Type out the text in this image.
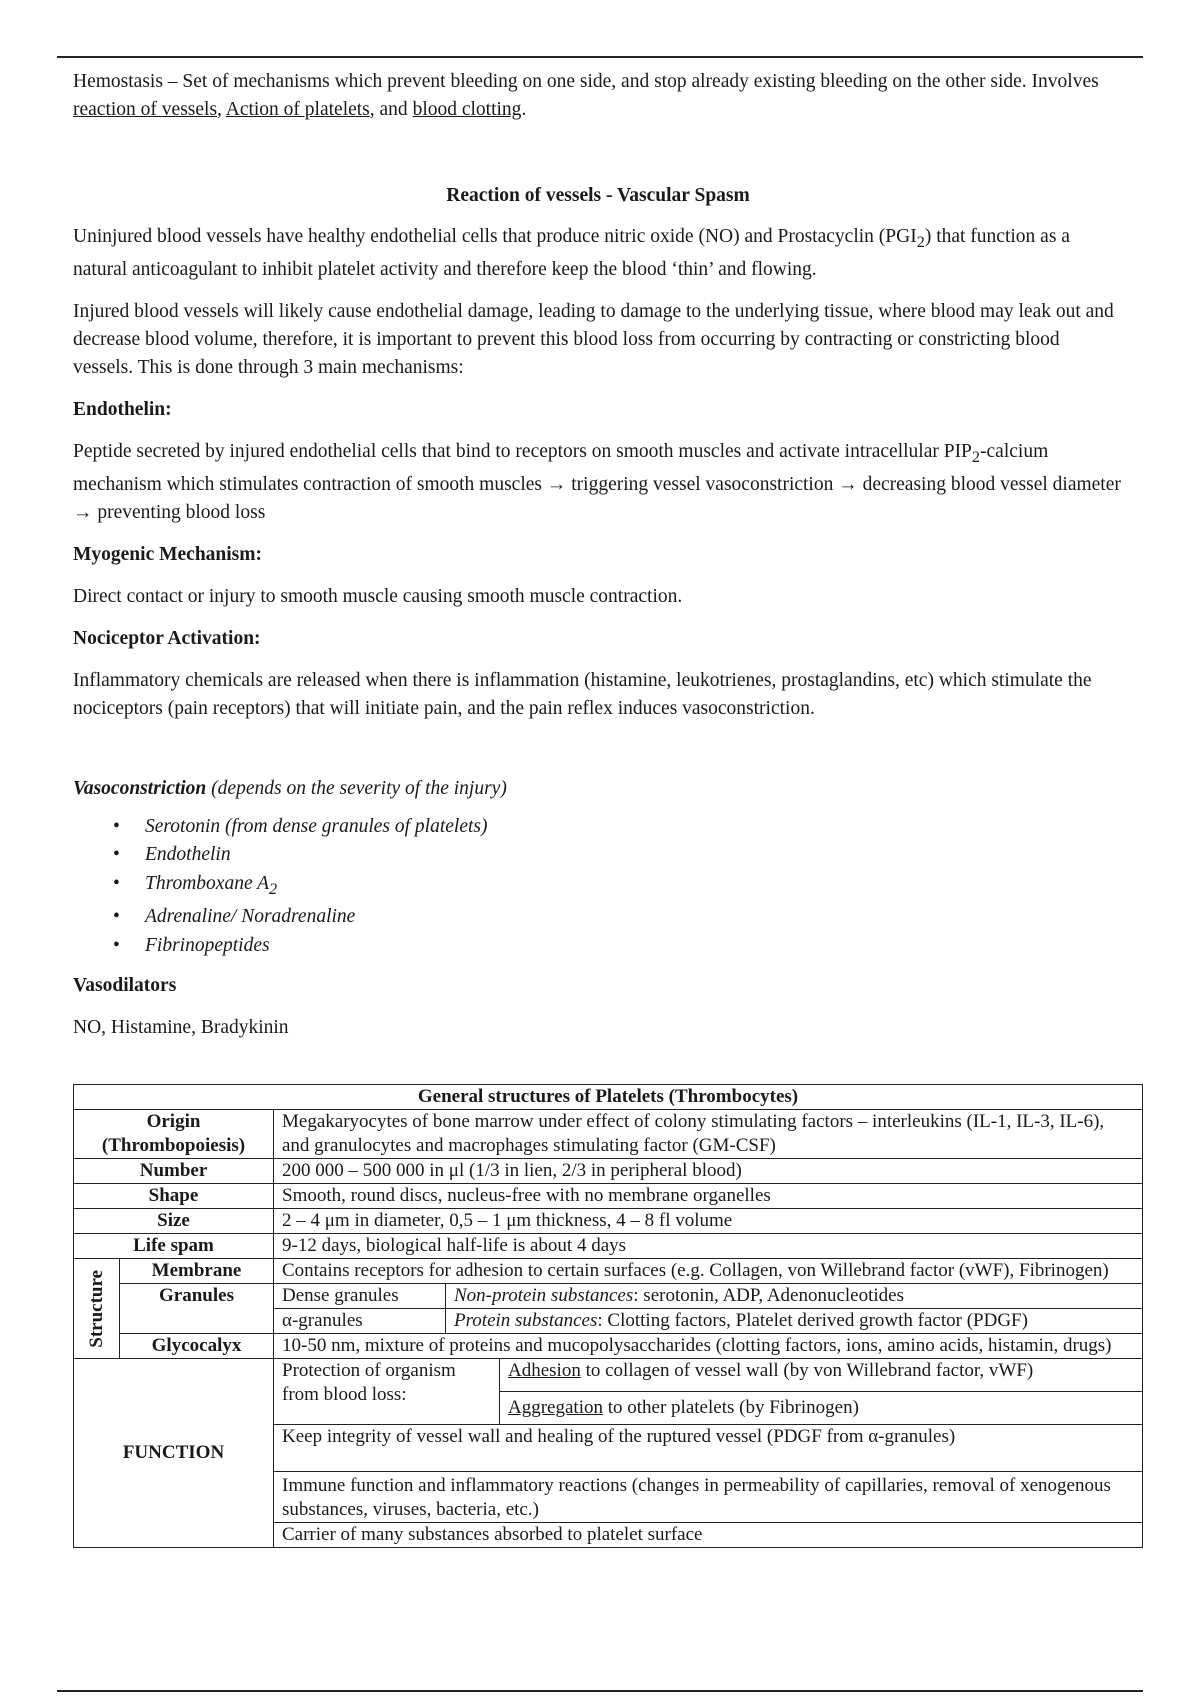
Hemostasis – Set of mechanisms which prevent bleeding on one side, and stop already existing bleeding on the other side. Involves reaction of vessels, Action of platelets, and blood clotting.

Reaction of vessels - Vascular Spasm

Uninjured blood vessels have healthy endothelial cells that produce nitric oxide (NO) and Prostacyclin $(PGI_2)$ that function as a natural anticoagulant to inhibit platelet activity and therefore keep the blood ‘thin’ and flowing.

Injured blood vessels will likely cause endothelial damage, leading to damage to the underlying tissue, where blood may leak out and decrease blood volume, therefore, it is important to prevent this blood loss from occurring by contracting or constricting blood vessels. This is done through 3 main mechanisms:

Endothelin:

Peptide secreted by injured endothelial cells that bind to receptors on smooth muscles and activate intracellular $PIP_2$-calcium mechanism which stimulates contraction of smooth muscles → triggering vessel vasoconstriction → decreasing blood vessel diameter → preventing blood loss

Myogenic Mechanism:

Direct contact or injury to smooth muscle causing smooth muscle contraction.

Nociceptor Activation:

Inflammatory chemicals are released when there is inflammation (histamine, leukotrienes, prostaglandins, etc) which stimulate the nociceptors (pain receptors) that will initiate pain, and the pain reflex induces vasoconstriction.

Vasoconstriction (depends on the severity of the injury)

• Serotonin (from dense granules of platelets)
• Endothelin
• Thromboxane $A_2$
• Adrenaline/ Noradrenaline
• Fibrinopeptides

Vasodilators

NO, Histamine, Bradykinin

General structures of Platelets (Thrombocytes)				
Origin (Thrombopoiesis)		Megakaryocytes of bone marrow under effect of colony stimulating factors – interleukins (IL-1, IL-3, IL-6), and granulocytes and macrophages stimulating factor (GM-CSF)		
Number		200 000 – 500 000 in μl (1/3 in lien, 2/3 in peripheral blood)		
Shape		Smooth, round discs, nucleus-free with no membrane organelles		
Size		2 – 4 μm in diameter, 0,5 – 1 μm thickness, 4 – 8 fl volume		
Life spam		9-12 days, biological half-life is about 4 days		

Structure	Membrane	Contains receptors for adhesion to certain surfaces (e.g. Collagen, von Willebrand factor (vWF), Fibrinogen)		
	Granules	Dense granules	Non-protein substances: serotonin, ADP, Adenonucleotides	
		α-granules	Protein substances: Clotting factors, Platelet derived growth factor (PDGF)	
	Glycocalyx	10-50 nm, mixture of proteins and mucopolysaccharides (clotting factors, ions, amino acids, histamin, drugs)		

FUNCTION		Protection of organism from blood loss:		Adhesion to collagen of vessel wall (by von Willebrand factor, vWF)
				Aggregation to other platelets (by Fibrinogen)
		Keep integrity of vessel wall and healing of the ruptured vessel (PDGF from α-granules)		
		Immune function and inflammatory reactions (changes in permeability of capillaries, removal of xenogenous substances, viruses, bacteria, etc.)		
		Carrier of many substances absorbed to platelet surface		
